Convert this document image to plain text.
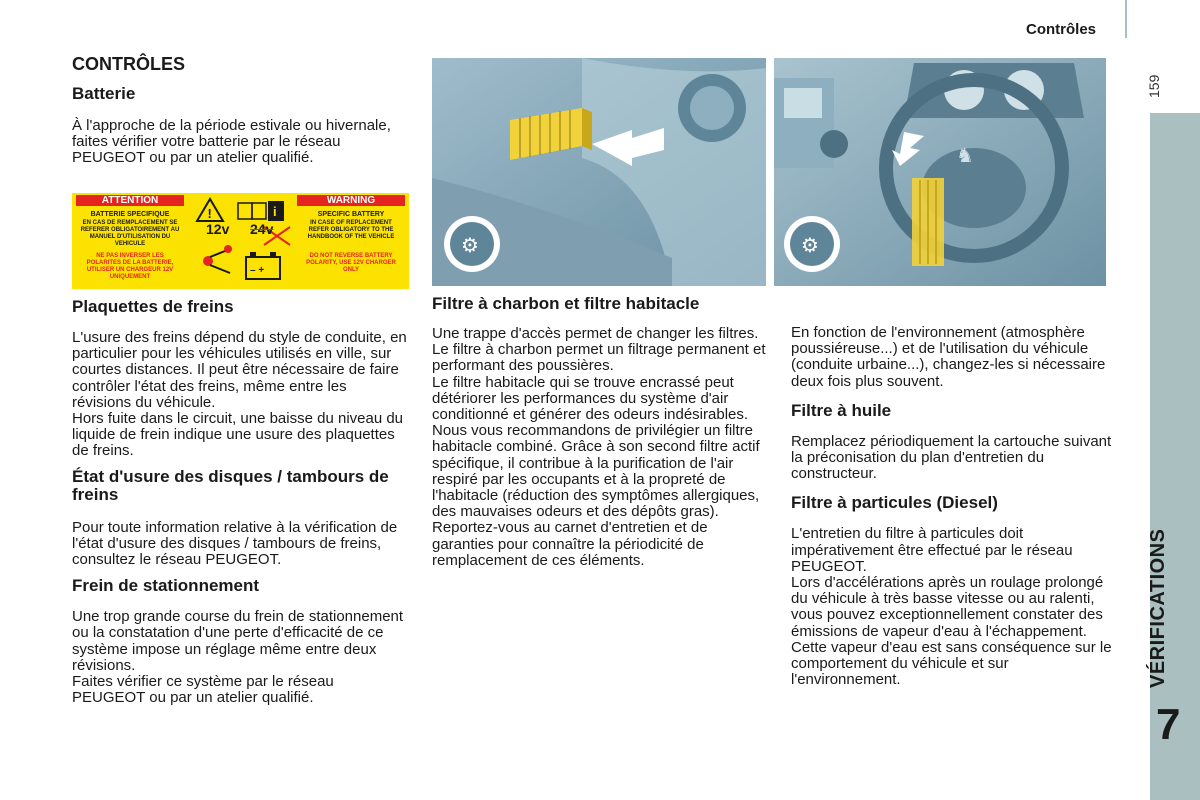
Contrôles
159
VÉRIFICATIONS
7
CONTRÔLES
Batterie
À l'approche de la période estivale ou hivernale, faites vérifier votre batterie par le réseau PEUGEOT ou par un atelier qualifié.
ATTENTION	WARNING
BATTERIE SPECIFIQUE
EN CAS DE REMPLACEMENT SE REFERER OBLIGATOIREMENT AU MANUEL D'UTILISATION DU VEHICULE
NE PAS INVERSER LES POLARITES DE LA BATTERIE, UTILISER UN CHARGEUR 12V UNIQUEMENT
SPECIFIC BATTERY
IN CASE OF REPLACEMENT REFER OBLIGATORY TO THE HANDBOOK OF THE VEHICLE
DO NOT REVERSE BATTERY POLARITY, USE 12V CHARGER ONLY
!	i
– +
12v 24v
Plaquettes de freins
L'usure des freins dépend du style de conduite, en particulier pour les véhicules utilisés en ville, sur courtes distances. Il peut être nécessaire de faire contrôler l'état des freins, même entre les révisions du véhicule.
Hors fuite dans le circuit, une baisse du niveau du liquide de frein indique une usure des plaquettes de freins.
État d'usure des disques / tambours de freins
Pour toute information relative à la vérification de l'état d'usure des disques / tambours de freins, consultez le réseau PEUGEOT.
Frein de stationnement
Une trop grande course du frein de stationnement ou la constatation d'une perte d'efficacité de ce système impose un réglage même entre deux révisions.
Faites vérifier ce système par le réseau PEUGEOT ou par un atelier qualifié.
⚙
♞
⚙
Filtre à charbon et filtre habitacle
Une trappe d'accès permet de changer les filtres.
Le filtre à charbon permet un filtrage permanent et performant des poussières.
Le filtre habitacle qui se trouve encrassé peut détériorer les performances du système d'air conditionné et générer des odeurs indésirables.
Nous vous recommandons de privilégier un filtre habitacle combiné. Grâce à son second filtre actif spécifique, il contribue à la purification de l'air respiré par les occupants et à la propreté de l'habitacle (réduction des symptômes allergiques, des mauvaises odeurs et des dépôts gras).
Reportez-vous au carnet d'entretien et de garanties pour connaître la périodicité de remplacement de ces éléments.
En fonction de l'environnement (atmosphère poussiéreuse...) et de l'utilisation du véhicule (conduite urbaine...), changez-les si nécessaire deux fois plus souvent.
Filtre à huile
Remplacez périodiquement la cartouche suivant la préconisation du plan d'entretien du constructeur.
Filtre à particules (Diesel)
L'entretien du filtre à particules doit impérativement être effectué par le réseau PEUGEOT.
Lors d'accélérations après un roulage prolongé du véhicule à très basse vitesse ou au ralenti, vous pouvez exceptionnellement constater des émissions de vapeur d'eau à l'échappement. Cette vapeur d'eau est sans conséquence sur le comportement du véhicule et sur l'environnement.
